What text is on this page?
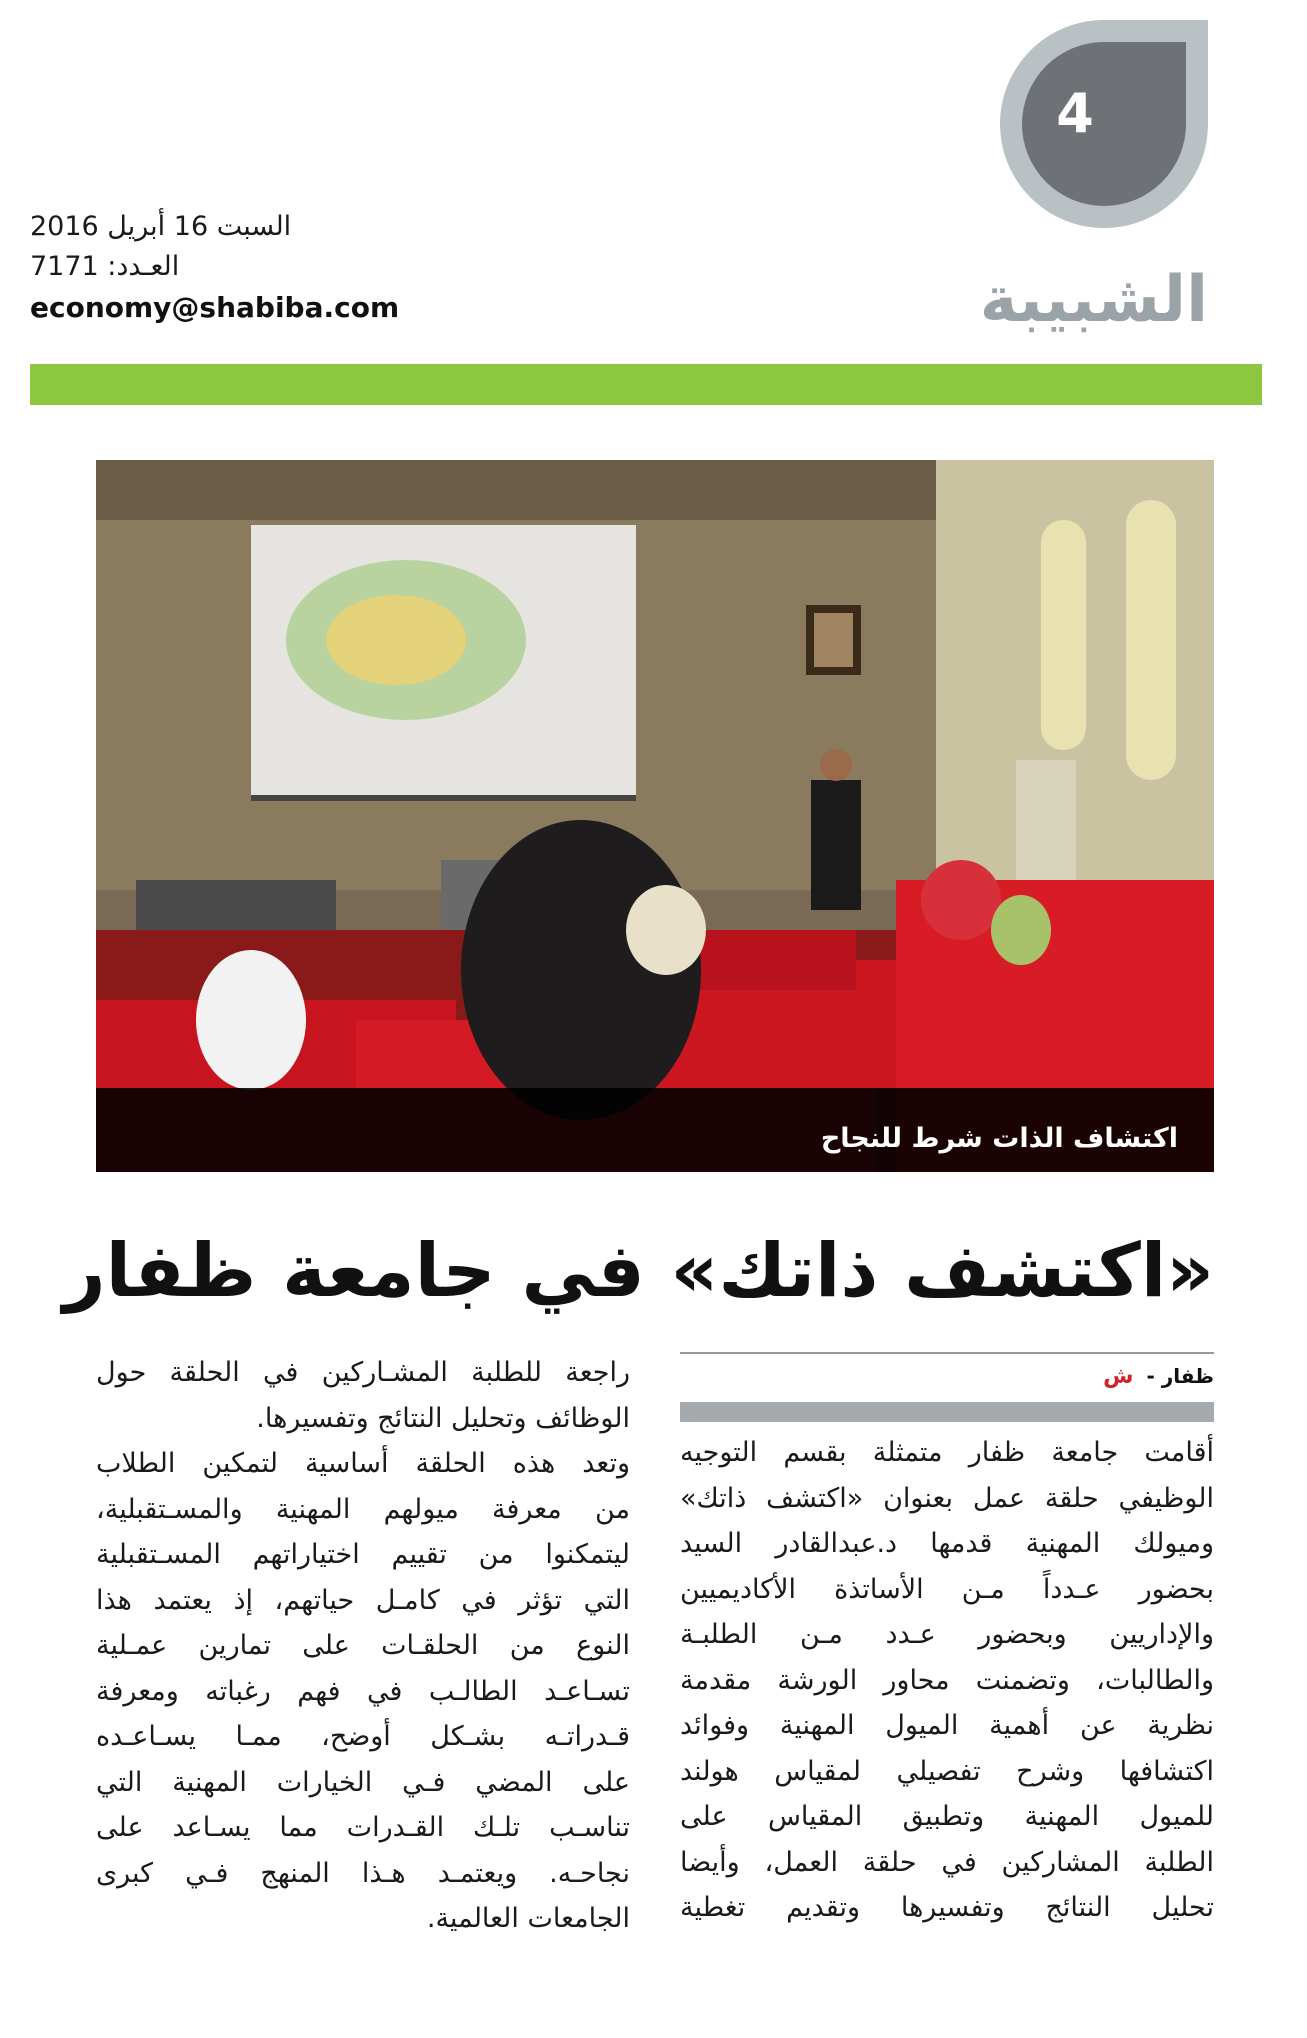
4
الشبيبة
السبت 16 أبريل 2016
العـدد: 7171
economy@shabiba.com
اكتشاف الذات شرط للنجاح
«اكتشف ذاتك» في جامعة ظفار
ظفار - ش
أقامت جامعة ظفار متمثلة بقسم التوجيه
الوظيفي حلقة عمل بعنوان «اكتشف ذاتك»
وميولك المهنية قدمها د.عبدالقادر السيد
بحضور عـدداً مـن الأساتذة الأكاديميين
والإداريين وبحضور عـدد مـن الطلبـة
والطالبات، وتضمنت محاور الورشة مقدمة
نظرية عن أهمية الميول المهنية وفوائد
اكتشافها وشرح تفصيلي لمقياس هولند
للميول المهنية وتطبيق المقياس على
الطلبة المشاركين في حلقة العمل، وأيضا
تحليل النتائج وتفسيرها وتقديم تغطية
راجعة للطلبة المشـاركين في الحلقة حول
الوظائف وتحليل النتائج وتفسيرها.
وتعد هذه الحلقة أساسية لتمكين الطلاب
من معرفة ميولهم المهنية والمسـتقبلية،
ليتمكنوا من تقييم اختياراتهم المسـتقبلية
التي تؤثر في كامـل حياتهم، إذ يعتمد هذا
النوع من الحلقـات على تمارين عمـلية
تسـاعـد الطالـب في فهم رغباته ومعرفة
قـدراتـه بشـكل أوضح، ممـا يسـاعـده
على المضي فـي الخيارات المهنية التي
تناسـب تلـك القـدرات مما يسـاعد على
نجاحـه. ويعتمـد هـذا المنهج فـي كبرى
الجامعات العالمية.
